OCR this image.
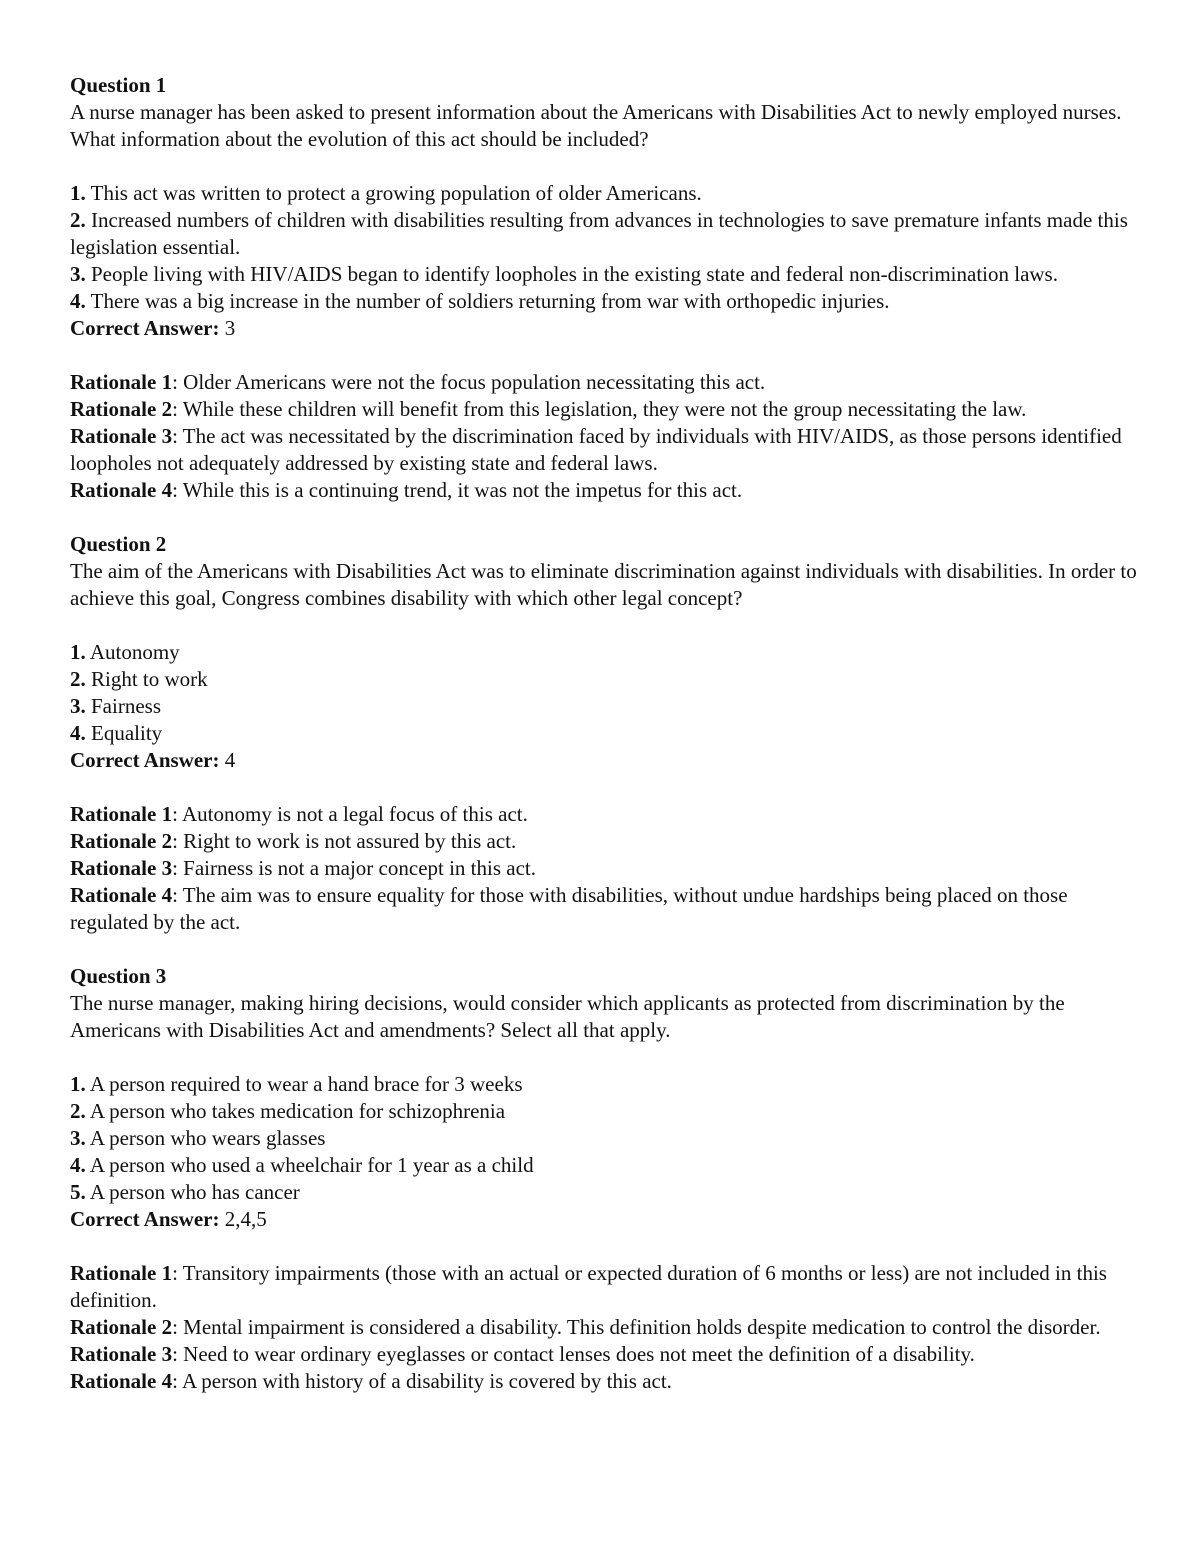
Question 1
A nurse manager has been asked to present information about the Americans with Disabilities Act to newly employed nurses. What information about the evolution of this act should be included?
1. This act was written to protect a growing population of older Americans.
2. Increased numbers of children with disabilities resulting from advances in technologies to save premature infants made this legislation essential.
3. People living with HIV/AIDS began to identify loopholes in the existing state and federal non-discrimination laws.
4. There was a big increase in the number of soldiers returning from war with orthopedic injuries.
Correct Answer: 3
Rationale 1: Older Americans were not the focus population necessitating this act.
Rationale 2: While these children will benefit from this legislation, they were not the group necessitating the law.
Rationale 3: The act was necessitated by the discrimination faced by individuals with HIV/AIDS, as those persons identified loopholes not adequately addressed by existing state and federal laws.
Rationale 4: While this is a continuing trend, it was not the impetus for this act.
Question 2
The aim of the Americans with Disabilities Act was to eliminate discrimination against individuals with disabilities. In order to achieve this goal, Congress combines disability with which other legal concept?
1. Autonomy
2. Right to work
3. Fairness
4. Equality
Correct Answer: 4
Rationale 1: Autonomy is not a legal focus of this act.
Rationale 2: Right to work is not assured by this act.
Rationale 3: Fairness is not a major concept in this act.
Rationale 4: The aim was to ensure equality for those with disabilities, without undue hardships being placed on those regulated by the act.
Question 3
The nurse manager, making hiring decisions, would consider which applicants as protected from discrimination by the Americans with Disabilities Act and amendments? Select all that apply.
1. A person required to wear a hand brace for 3 weeks
2. A person who takes medication for schizophrenia
3. A person who wears glasses
4. A person who used a wheelchair for 1 year as a child
5. A person who has cancer
Correct Answer: 2,4,5
Rationale 1: Transitory impairments (those with an actual or expected duration of 6 months or less) are not included in this definition.
Rationale 2: Mental impairment is considered a disability. This definition holds despite medication to control the disorder.
Rationale 3: Need to wear ordinary eyeglasses or contact lenses does not meet the definition of a disability.
Rationale 4: A person with history of a disability is covered by this act.
